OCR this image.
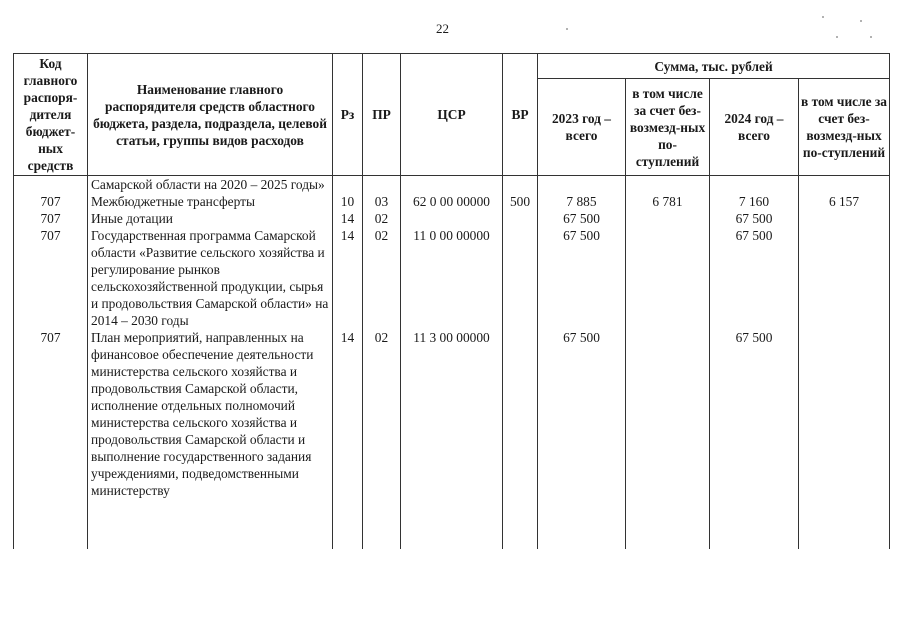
22
Код главного распоря-дителя бюджет-ных средств	Наименование главного распорядителя средств областного бюджета, раздела, подраздела, целевой статьи, группы видов расходов	Рз	ПР	ЦСР	ВР	Сумма, тыс. рублей			
						2023 год – всего	в том числе за счет без-возмезд-ных по-ступлений	2024 год – всего	в том числе за счет без-возмезд-ных по-ступлений
	Самарской области на 2020 – 2025 годы»								
707	Межбюджетные трансферты	10	03	62 0 00 00000	500	7 885	6 781	7 160	6 157
707	Иные дотации	14	02			67 500		67 500	
707	Государственная программа Самарской области «Развитие сельского хозяйства и регулирование рынков сельскохозяйственной продукции, сырья и продовольствия Самарской области» на 2014 – 2030 годы	14	02	11 0 00 00000		67 500		67 500	
707	План мероприятий, направленных на финансовое обеспечение деятельности министерства сельского хозяйства и продовольствия Самарской области, исполнение отдельных полномочий министерства сельского хозяйства и продовольствия Самарской области и выполнение государственного задания учреждениями, подведомственными министерству	14	02	11 3 00 00000		67 500		67 500	
